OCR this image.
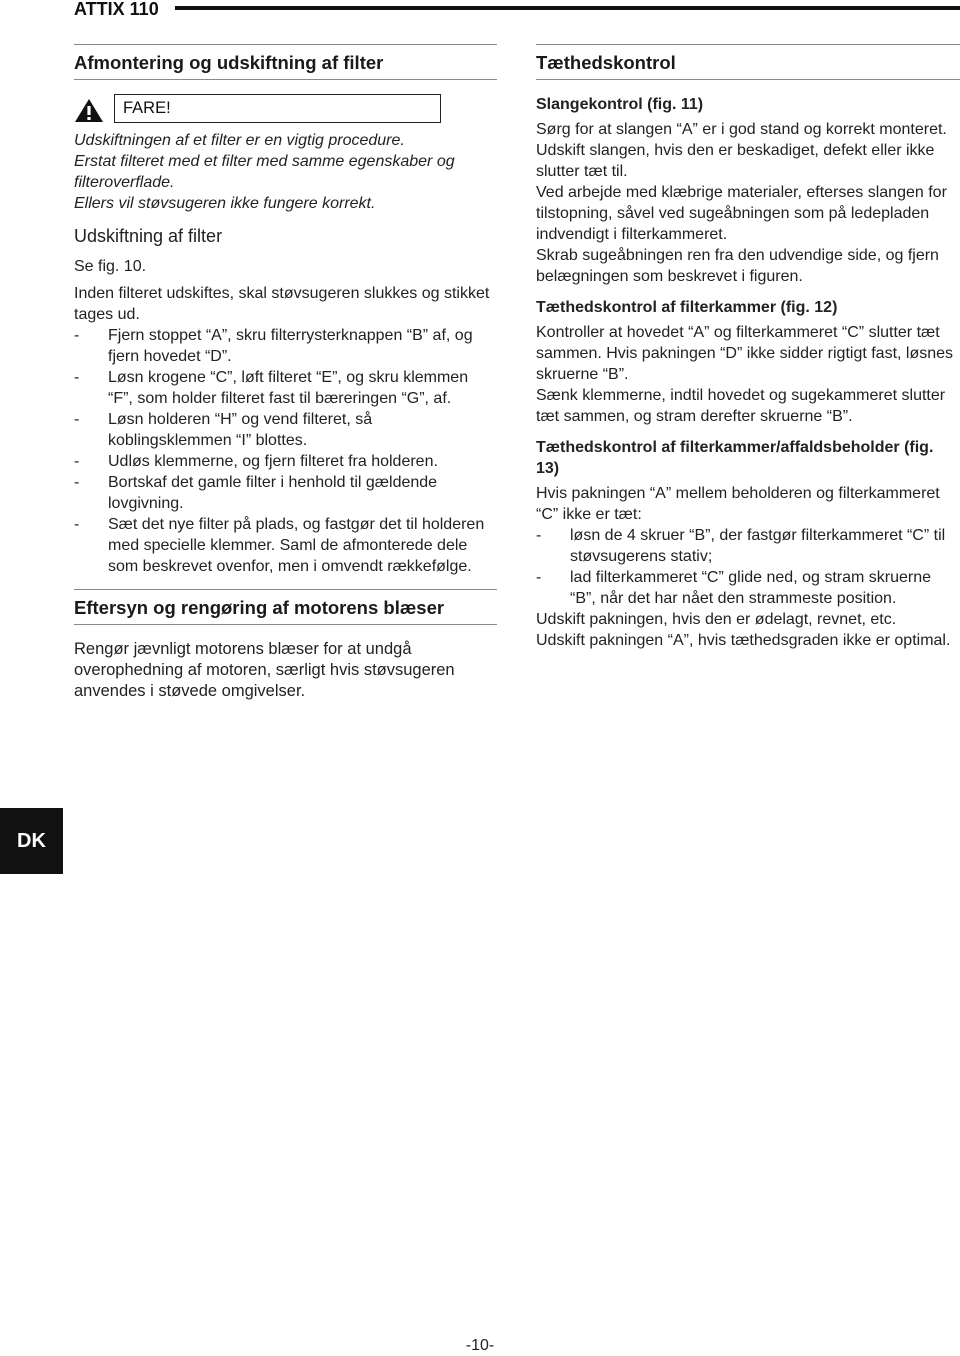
ATTIX 110
Afmontering og udskiftning af filter
FARE!

Udskiftningen af et filter er en vigtig procedure.

Erstat filteret med et filter med samme egenskaber og filteroverflade.

Ellers vil støvsugeren ikke fungere korrekt.

Udskiftning af filter

Se fig. 10.

Inden filteret udskiftes, skal støvsugeren slukkes og stikket tages ud.

- Fjern stoppet “A”, skru filterrysterknappen “B” af, og fjern hovedet “D”.
- Løsn krogene “C”, løft filteret “E”, og skru klemmen “F”, som holder filteret fast til bæreringen “G”, af.
- Løsn holderen “H” og vend filteret, så koblingsklemmen “I” blottes.
- Udløs klemmerne, og fjern filteret fra holderen.
- Bortskaf det gamle filter i henhold til gældende lovgivning.
- Sæt det nye filter på plads, og fastgør det til holderen med specielle klemmer. Saml de afmonterede dele som beskrevet ovenfor, men i omvendt rækkefølge.
Eftersyn og rengøring af motorens blæser

Rengør jævnligt motorens blæser for at undgå overophedning af motoren, særligt hvis støvsugeren anvendes i støvede omgivelser.

Tæthedskontrol
Slangekontrol (fig. 11)

Sørg for at slangen “A” er i god stand og korrekt monteret.

Udskift slangen, hvis den er beskadiget, defekt eller ikke slutter tæt til.

Ved arbejde med klæbrige materialer, efterses slangen for tilstopning, såvel ved sugeåbningen som på ledepladen indvendigt i filterkammeret.

Skrab sugeåbningen ren fra den udvendige side, og fjern belægningen som beskrevet i figuren.

Tæthedskontrol af filterkammer (fig. 12)

Kontroller at hovedet “A” og filterkammeret “C” slutter tæt sammen. Hvis pakningen “D” ikke sidder rigtigt fast, løsnes skruerne “B”.

Sænk klemmerne, indtil hovedet og sugekammeret slutter tæt sammen, og stram derefter skruerne “B”.

Tæthedskontrol af filterkammer/affaldsbeholder (fig. 13)

Hvis pakningen “A” mellem beholderen og filterkammeret “C” ikke er tæt:

- løsn de 4 skruer “B”, der fastgør filterkammeret “C” til støvsugerens stativ;
- lad filterkammeret “C” glide ned, og stram skruerne “B”, når det har nået den strammeste position.

Udskift pakningen, hvis den er ødelagt, revnet, etc.

Udskift pakningen “A”, hvis tæthedsgraden ikke er optimal.

DK
-10-
